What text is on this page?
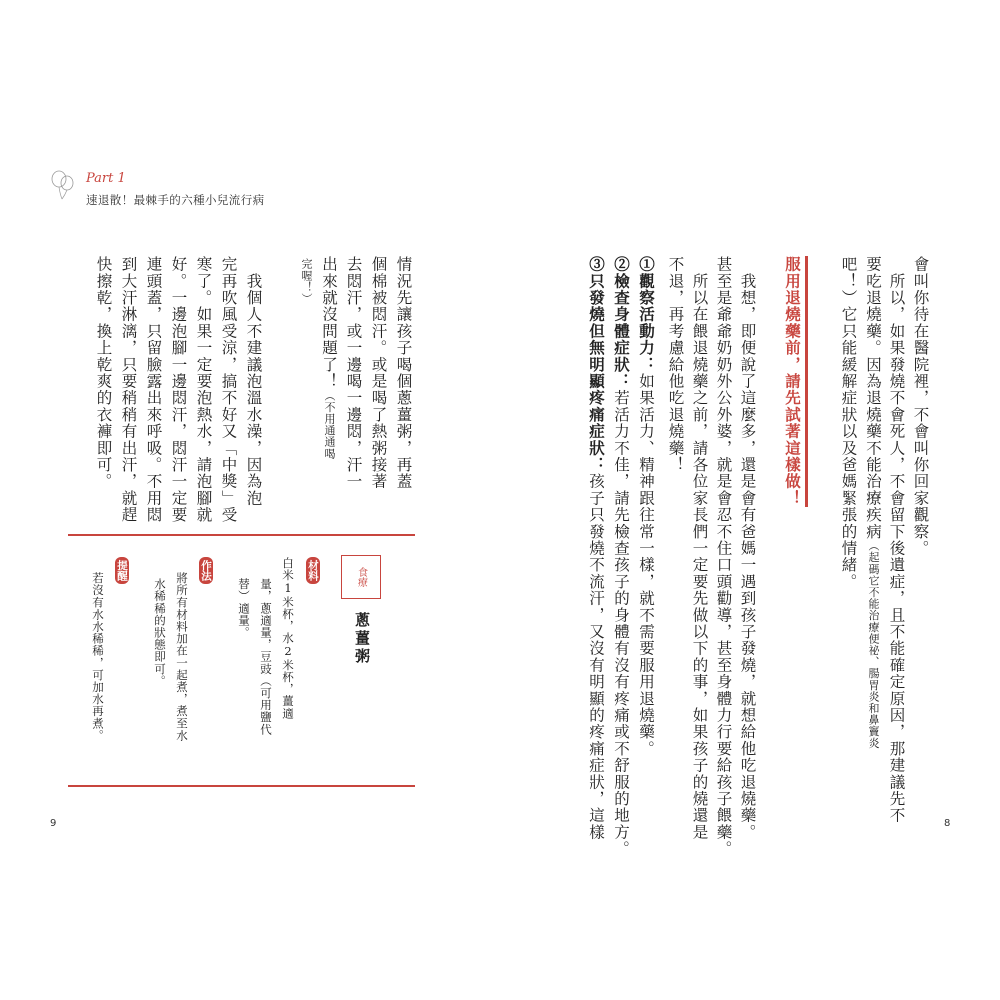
Part 1
速退散！最棘手的六種小兒流行病
會叫你待在醫院裡，不會叫你回家觀察。
　所以，如果發燒不會死人，不會留下後遺症，且不能確定原因，那建議先不
要吃退燒藥。因為退燒藥不能治療疾病（起碼它不能治療便祕、腸胃炎和鼻竇炎
吧！）它只能緩解症狀以及爸媽緊張的情緒。
服用退燒藥前，請先試著這樣做！
　我想，即便說了這麼多，還是會有爸媽一遇到孩子發燒，就想給他吃退燒藥。
甚至是爺爺奶奶外公外婆，就是會忍不住口頭勸導，甚至身體力行要給孩子餵藥。
　所以在餵退燒藥之前，請各位家長們一定要先做以下的事，如果孩子的燒還是
不退，再考慮給他吃退燒藥！
①觀察活動力：如果活力、精神跟往常一樣，就不需要服用退燒藥。
②檢查身體症狀：若活力不佳，請先檢查孩子的身體有沒有疼痛或不舒服的地方。
③只發燒但無明顯疼痛症狀：孩子只發燒不流汗，又沒有明顯的疼痛症狀，這樣
情況先讓孩子喝個蔥薑粥，再蓋
個棉被悶汗。或是喝了熱粥接著
去悶汗，或一邊喝一邊悶，汗一
出來就沒問題了！（不用通通喝
完喔！）
　我個人不建議泡溫水澡，因為泡
完再吹風受涼，搞不好又「中獎」受
寒了。如果一定要泡熱水，請泡腳就
好。一邊泡腳一邊悶汗，悶汗一定要
連頭蓋，只留臉露出來呼吸。不用悶
到大汗淋漓，只要稍稍有出汗，就趕
快擦乾，換上乾爽的衣褲即可。
食療
蔥薑粥
材料
白米1米杯，水2米杯，薑適
量，蔥適量，豆豉（可用鹽代
替）適量。
作法
將所有材料加在一起煮，煮至水
水稀稀的狀態即可。
提醒
若沒有水水稀稀，可加水再煮。
9	8
